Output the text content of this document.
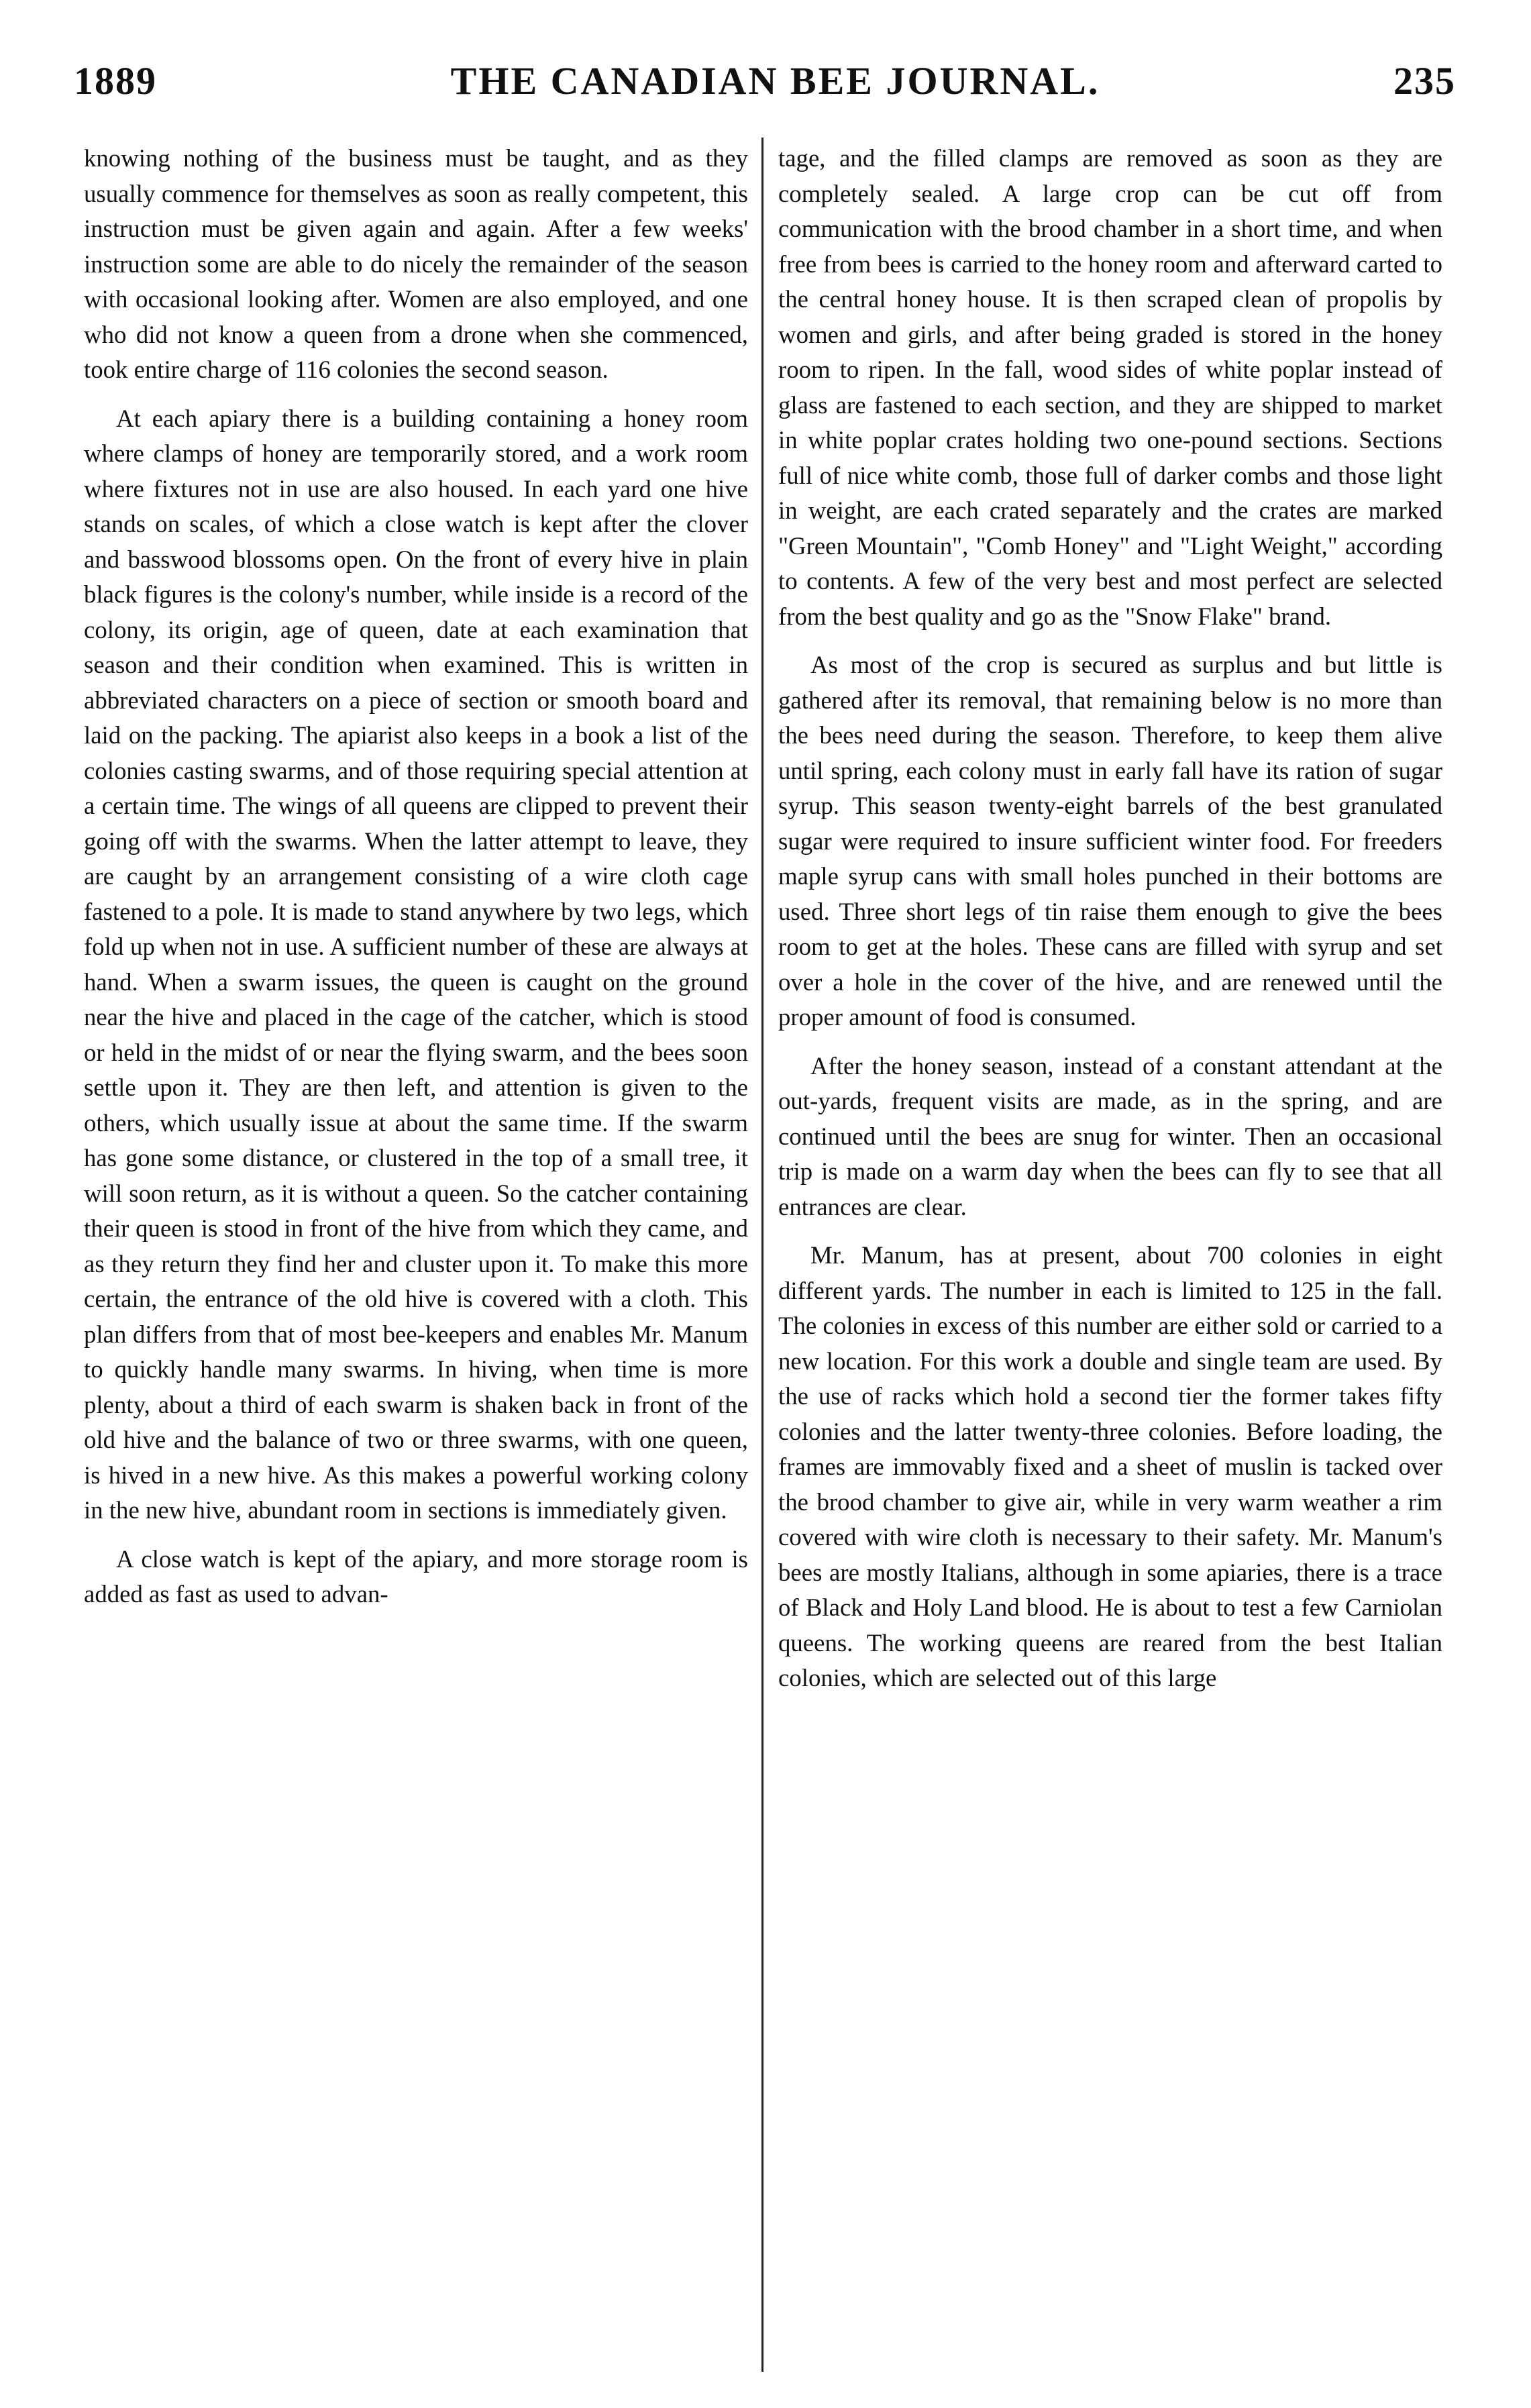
1889	THE CANADIAN BEE JOURNAL.	235

knowing nothing of the business must be taught, and as they usually commence for themselves as soon as really competent, this instruction must be given again and again. After a few weeks' instruction some are able to do nicely the remainder of the season with occasional looking after. Women are also employed, and one who did not know a queen from a drone when she commenced, took entire charge of 116 colonies the second season.

At each apiary there is a building containing a honey room where clamps of honey are temporarily stored, and a work room where fixtures not in use are also housed. In each yard one hive stands on scales, of which a close watch is kept after the clover and basswood blossoms open. On the front of every hive in plain black figures is the colony's number, while inside is a record of the colony, its origin, age of queen, date at each examination that season and their condition when examined. This is written in abbreviated characters on a piece of section or smooth board and laid on the packing. The apiarist also keeps in a book a list of the colonies casting swarms, and of those requiring special attention at a certain time. The wings of all queens are clipped to prevent their going off with the swarms. When the latter attempt to leave, they are caught by an arrangement consisting of a wire cloth cage fastened to a pole. It is made to stand anywhere by two legs, which fold up when not in use. A sufficient number of these are always at hand. When a swarm issues, the queen is caught on the ground near the hive and placed in the cage of the catcher, which is stood or held in the midst of or near the flying swarm, and the bees soon settle upon it. They are then left, and attention is given to the others, which usually issue at about the same time. If the swarm has gone some distance, or clustered in the top of a small tree, it will soon return, as it is without a queen. So the catcher containing their queen is stood in front of the hive from which they came, and as they return they find her and cluster upon it. To make this more certain, the entrance of the old hive is covered with a cloth. This plan differs from that of most bee-keepers and enables Mr. Manum to quickly handle many swarms. In hiving, when time is more plenty, about a third of each swarm is shaken back in front of the old hive and the balance of two or three swarms, with one queen, is hived in a new hive. As this makes a powerful working colony in the new hive, abundant room in sections is immediately given.

A close watch is kept of the apiary, and more storage room is added as fast as used to advan-

tage, and the filled clamps are removed as soon as they are completely sealed. A large crop can be cut off from communication with the brood chamber in a short time, and when free from bees is carried to the honey room and afterward carted to the central honey house. It is then scraped clean of propolis by women and girls, and after being graded is stored in the honey room to ripen. In the fall, wood sides of white poplar instead of glass are fastened to each section, and they are shipped to market in white poplar crates holding two one-pound sections. Sections full of nice white comb, those full of darker combs and those light in weight, are each crated separately and the crates are marked "Green Mountain", "Comb Honey" and "Light Weight," according to contents. A few of the very best and most perfect are selected from the best quality and go as the "Snow Flake" brand.

As most of the crop is secured as surplus and but little is gathered after its removal, that remaining below is no more than the bees need during the season. Therefore, to keep them alive until spring, each colony must in early fall have its ration of sugar syrup. This season twenty-eight barrels of the best granulated sugar were required to insure sufficient winter food. For freeders maple syrup cans with small holes punched in their bottoms are used. Three short legs of tin raise them enough to give the bees room to get at the holes. These cans are filled with syrup and set over a hole in the cover of the hive, and are renewed until the proper amount of food is consumed.

After the honey season, instead of a constant attendant at the out-yards, frequent visits are made, as in the spring, and are continued until the bees are snug for winter. Then an occasional trip is made on a warm day when the bees can fly to see that all entrances are clear.

Mr. Manum, has at present, about 700 colonies in eight different yards. The number in each is limited to 125 in the fall. The colonies in excess of this number are either sold or carried to a new location. For this work a double and single team are used. By the use of racks which hold a second tier the former takes fifty colonies and the latter twenty-three colonies. Before loading, the frames are immovably fixed and a sheet of muslin is tacked over the brood chamber to give air, while in very warm weather a rim covered with wire cloth is necessary to their safety. Mr. Manum's bees are mostly Italians, although in some apiaries, there is a trace of Black and Holy Land blood. He is about to test a few Carniolan queens. The working queens are reared from the best Italian colonies, which are selected out of this large
